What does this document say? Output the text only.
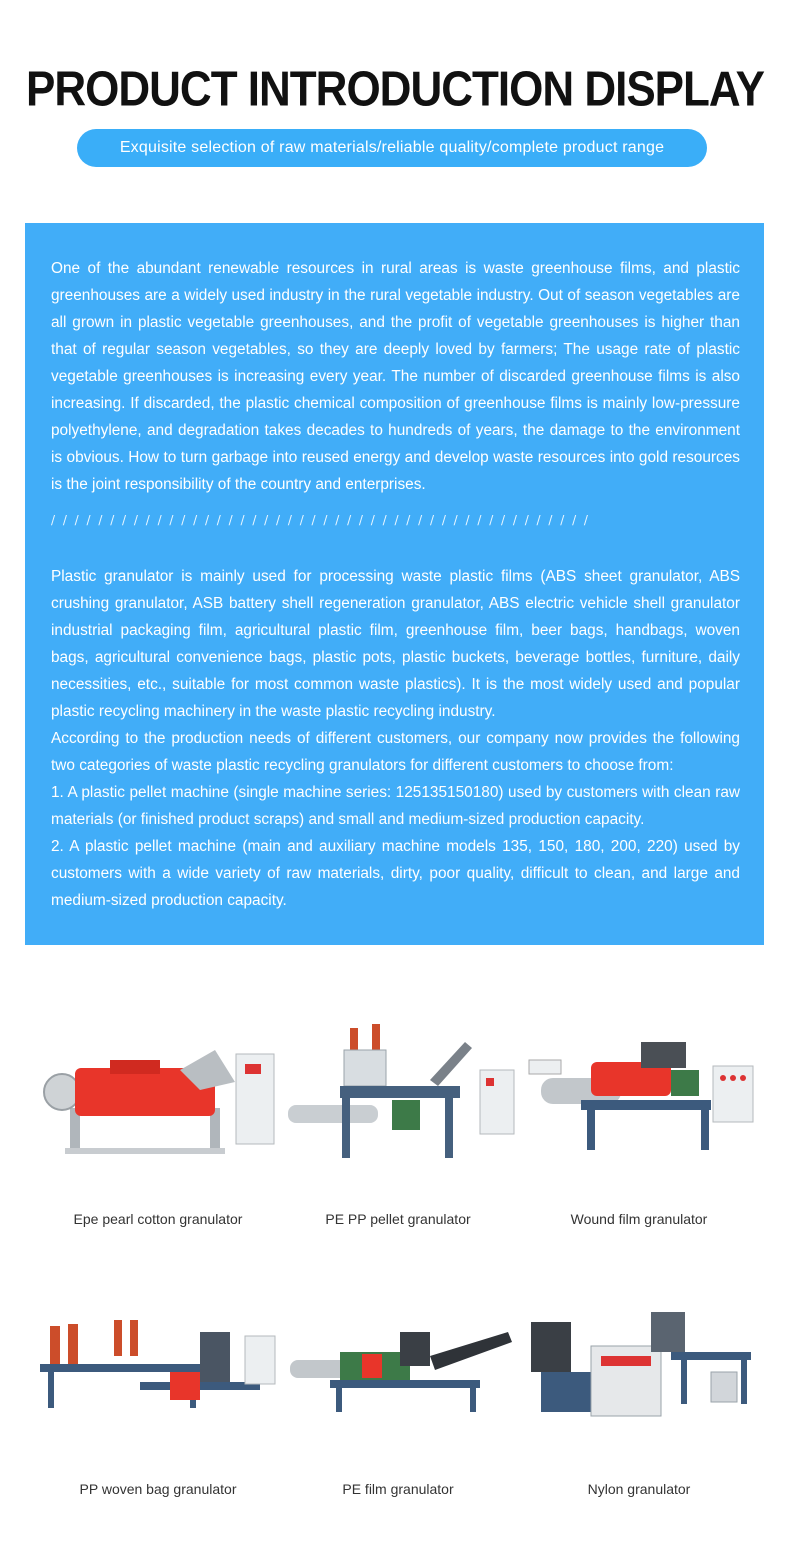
PRODUCT INTRODUCTION DISPLAY
Exquisite selection of raw materials/reliable quality/complete product range

One of the abundant renewable resources in rural areas is waste greenhouse films, and plastic greenhouses are a widely used industry in the rural vegetable industry. Out of season vegetables are all grown in plastic vegetable greenhouses, and the profit of vegetable greenhouses is higher than that of regular season vegetables, so they are deeply loved by farmers; The usage rate of plastic vegetable greenhouses is increasing every year. The number of discarded greenhouse films is also increasing. If discarded, the plastic chemical composition of greenhouse films is mainly low-pressure polyethylene, and degradation takes decades to hundreds of years, the damage to the environment is obvious. How to turn garbage into reused energy and develop waste resources into gold resources is the joint responsibility of the country and enterprises.

//////////////////////////////////////////////
Plastic granulator is mainly used for processing waste plastic films (ABS sheet granulator, ABS crushing granulator, ASB battery shell regeneration granulator, ABS electric vehicle shell granulator industrial packaging film, agricultural plastic film, greenhouse film, beer bags, handbags, woven bags, agricultural convenience bags, plastic pots, plastic buckets, beverage bottles, furniture, daily necessities, etc., suitable for most common waste plastics). It is the most widely used and popular plastic recycling machinery in the waste plastic recycling industry.
According to the production needs of different customers, our company now provides the following two categories of waste plastic recycling granulators for different customers to choose from:
1. A plastic pellet machine (single machine series: 125135150180) used by customers with clean raw materials (or finished product scraps) and small and medium-sized production capacity.
2. A plastic pellet machine (main and auxiliary machine models 135, 150, 180, 200, 220) used by customers with a wide variety of raw materials, dirty, poor quality, difficult to clean, and large and medium-sized production capacity.
Epe pearl cotton granulator	PE PP pellet granulator	Wound film granulator
PP woven bag granulator	PE film granulator	Nylon granulator
